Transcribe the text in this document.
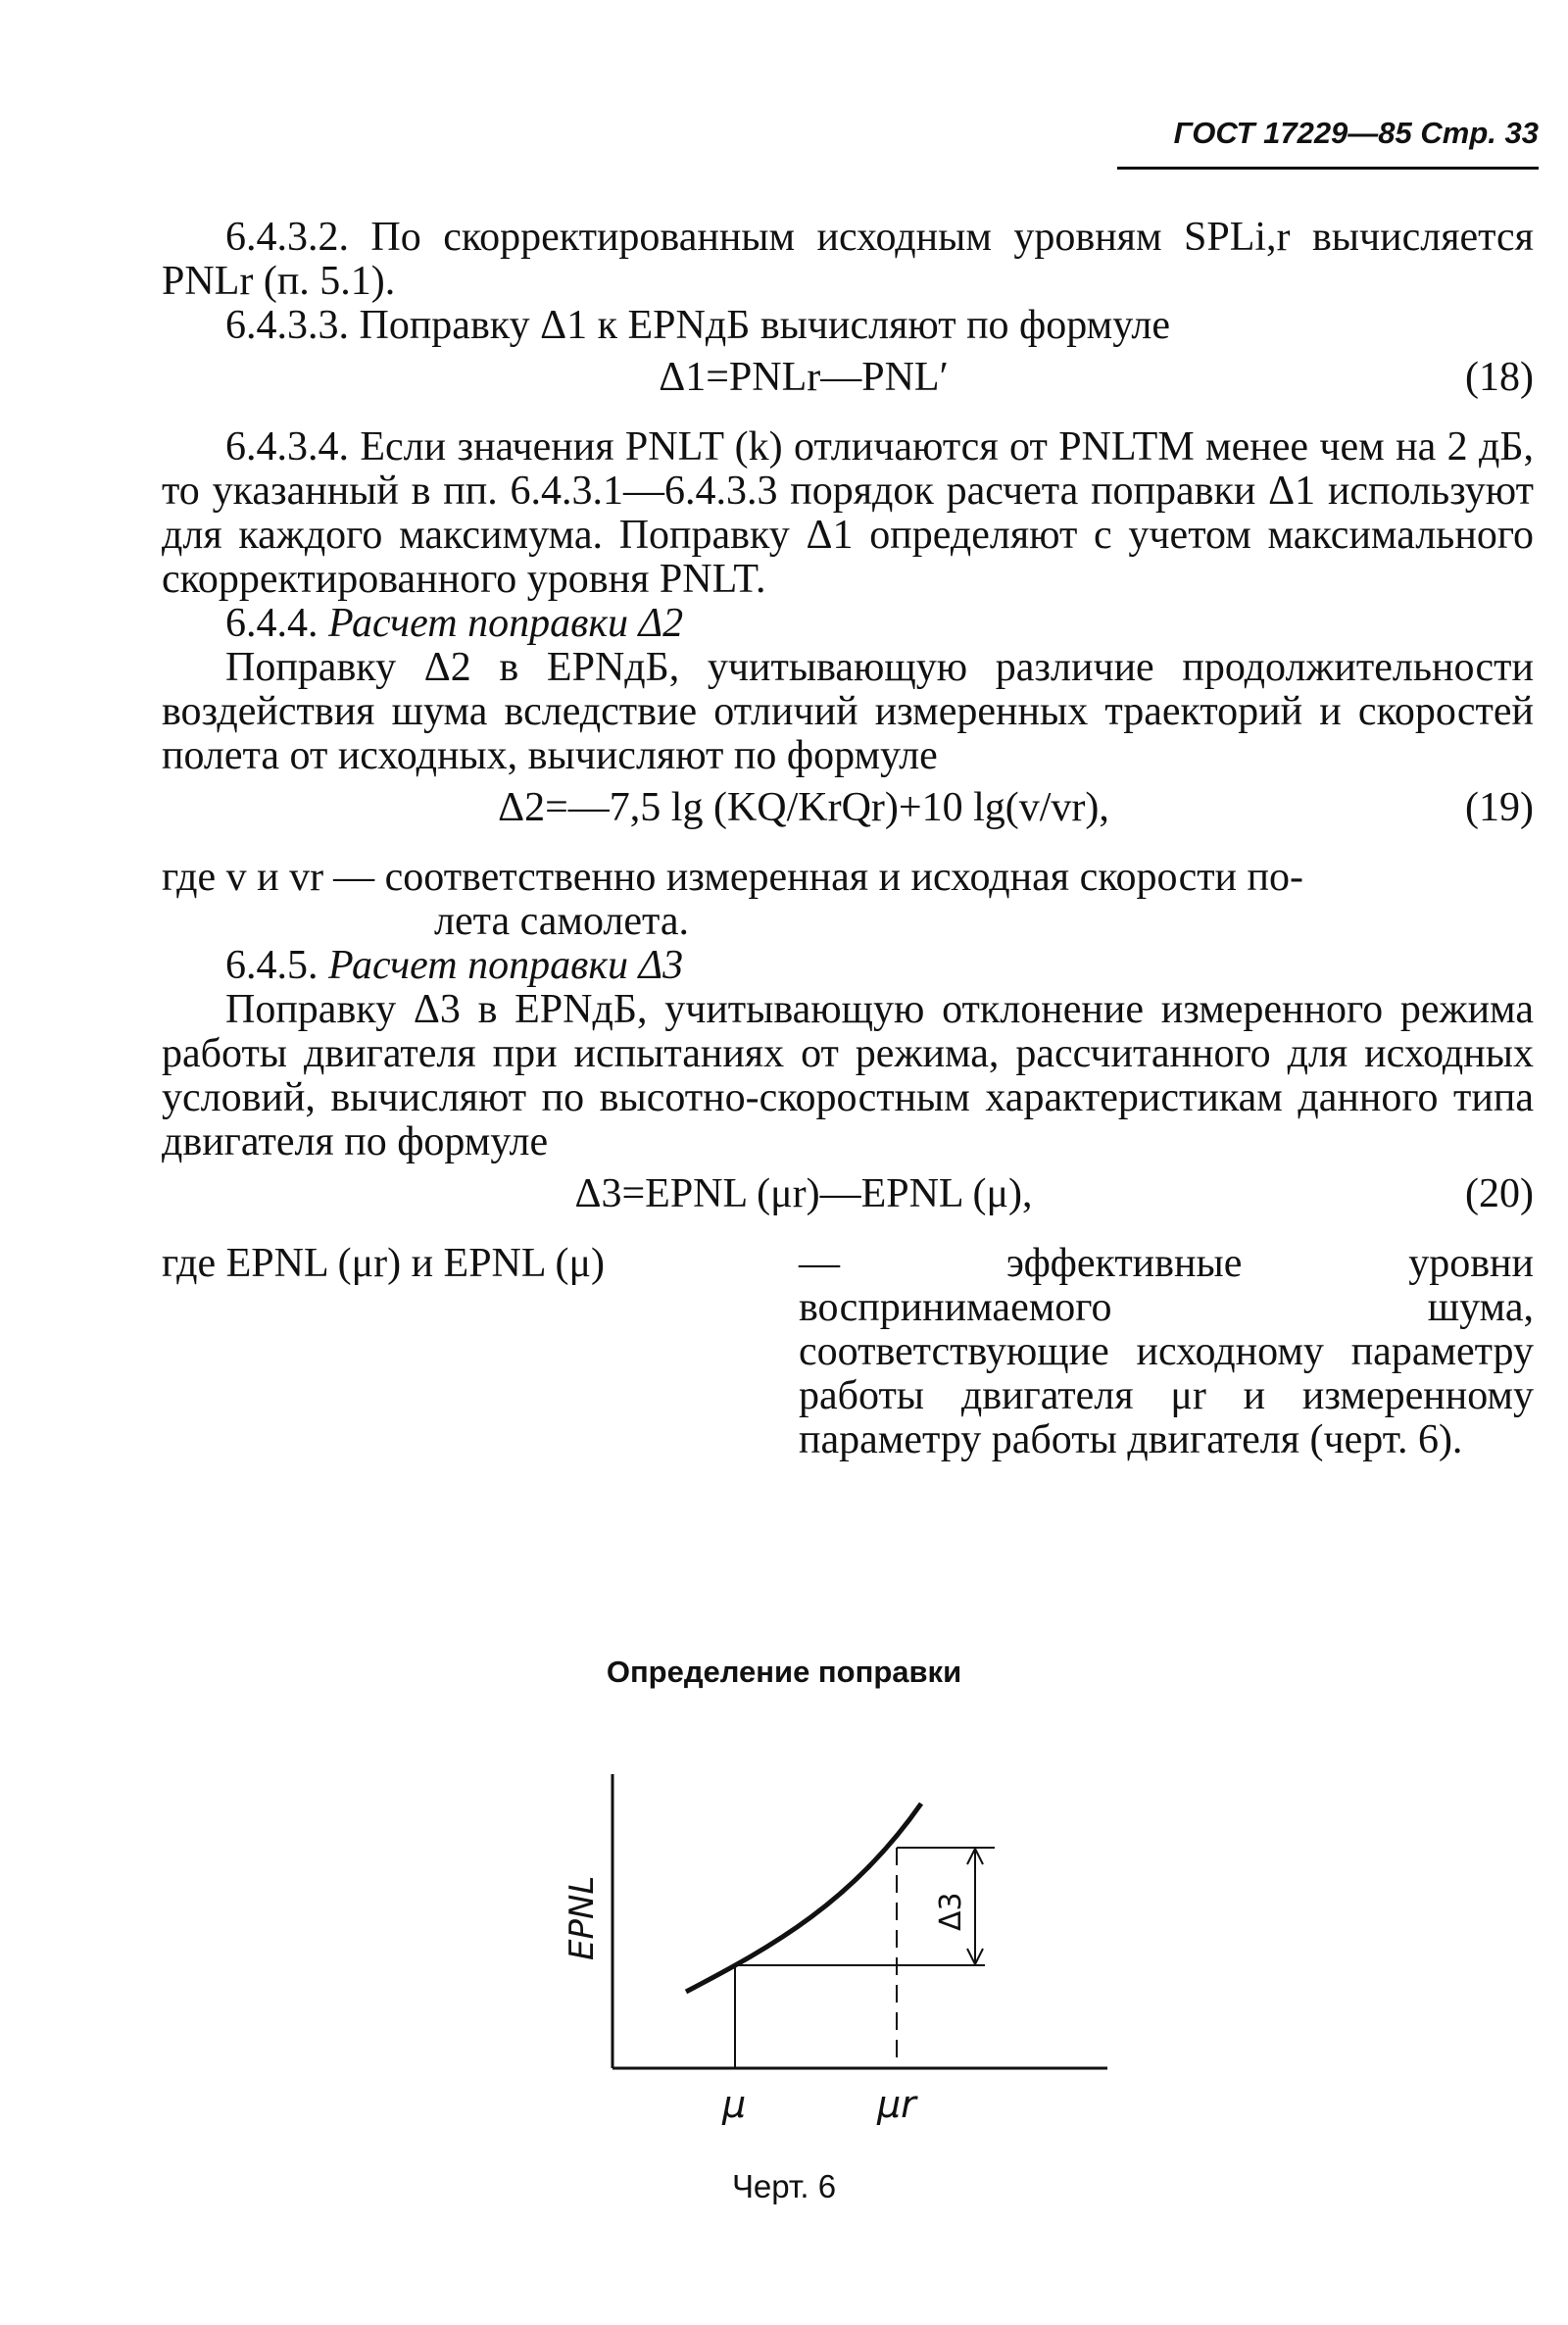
ГОСТ 17229—85 Стр. 33

6.4.3.2. По скорректированным исходным уровням SPLi,r вычисляется PNLr (п. 5.1).

6.4.3.3. Поправку Δ1 к EPNдБ вычисляют по формуле

Δ1=PNLr—PNL′	(18)

6.4.3.4. Если значения PNLT (k) отличаются от PNLTM менее чем на 2 дБ, то указанный в пп. 6.4.3.1—6.4.3.3 порядок расчета поправки Δ1 используют для каждого максимума. Поправку Δ1 определяют с учетом максимального скорректированного уровня PNLT.

6.4.4. Расчет поправки Δ2

Поправку Δ2 в EPNдБ, учитывающую различие продолжительности воздействия шума вследствие отличий измеренных траекторий и скоростей полета от исходных, вычисляют по формуле

Δ2=—7,5 lg (KQ/KrQr)+10 lg(v/vr),	(19)
где v и vr — соответственно измеренная и исходная скорости по-

лета самолета.

6.4.5. Расчет поправки Δ3

Поправку Δ3 в EPNдБ, учитывающую отклонение измеренного режима работы двигателя при испытаниях от режима, рассчитанного для исходных условий, вычисляют по высотно-скоростным характеристикам данного типа двигателя по формуле

Δ3=EPNL (μr)—EPNL (μ),	(20)
где EPNL (μr) и EPNL (μ)	— эффективные уровни воспринимаемого шума, соответствующие исходному параметру работы двигателя μr и измеренному параметру работы двигателя (черт. 6).
Определение поправки
EPNL	Δ3
μ	μr
Черт. 6
